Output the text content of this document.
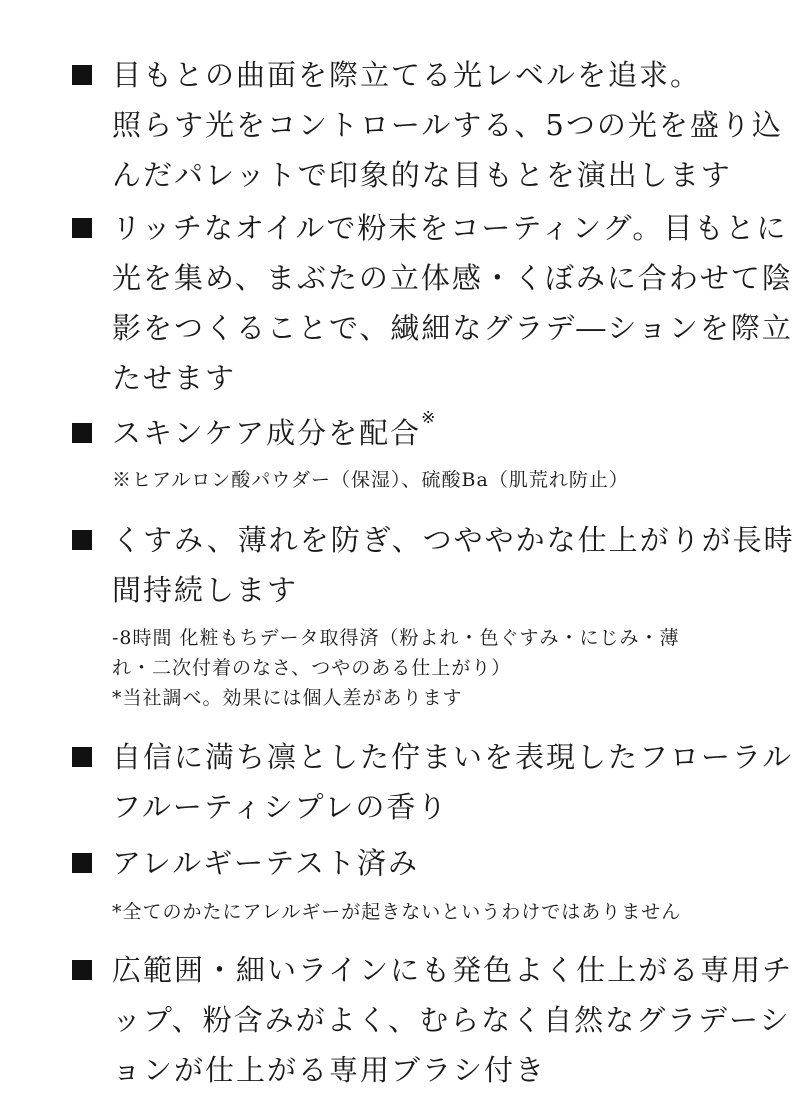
目もとの曲面を際立てる光レベルを追求。
照らす光をコントロールする、5つの光を盛り込
んだパレットで印象的な目もとを演出します
リッチなオイルで粉末をコーティング。目もとに
光を集め、まぶたの立体感・くぼみに合わせて陰
影をつくることで、繊細なグラデ―ションを際立
たせます
スキンケア成分を配合※
※ヒアルロン酸パウダー（保湿）、硫酸Ba（肌荒れ防止）
くすみ、薄れを防ぎ、つややかな仕上がりが長時
間持続します
-8時間 化粧もちデータ取得済（粉よれ・色ぐすみ・にじみ・薄
れ・二次付着のなさ、つやのある仕上がり）
*当社調べ。効果には個人差があります
自信に満ち凛とした佇まいを表現したフローラル
フルーティシプレの香り
アレルギーテスト済み
*全てのかたにアレルギーが起きないというわけではありません
広範囲・細いラインにも発色よく仕上がる専用チ
ップ、粉含みがよく、むらなく自然なグラデーシ
ョンが仕上がる専用ブラシ付き
